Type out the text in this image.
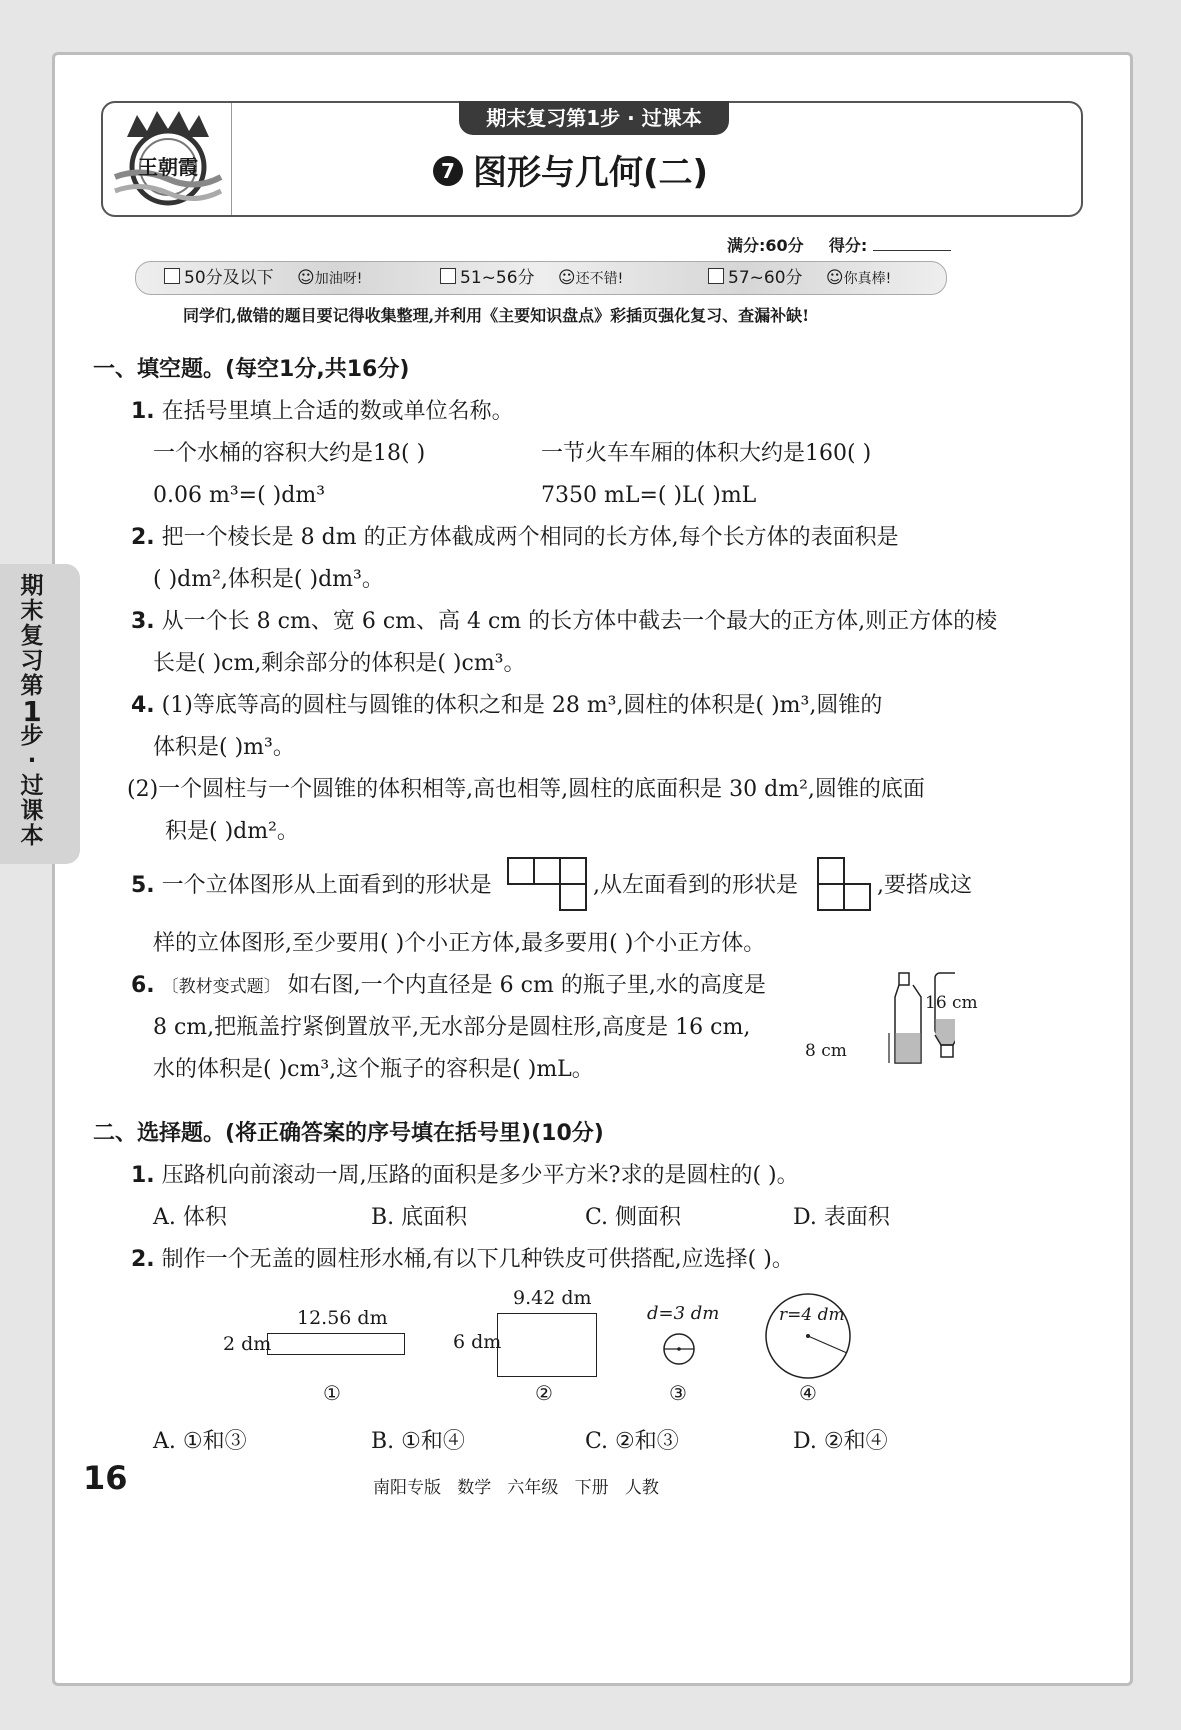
王朝霞
期末复习第1步 · 过课本
7 图形与几何(二)
满分:60分 得分:
50分及以下 ☺加油呀!	51~56分 ☺还不错!	57~60分 ☺你真棒!
同学们,做错的题目要记得收集整理,并利用《主要知识盘点》彩插页强化复习、查漏补缺!
一、填空题。(每空1分,共16分)
1. 在括号里填上合适的数或单位名称。
一个水桶的容积大约是18( )	一节火车车厢的体积大约是160( )
0.06 m³=( )dm³	7350 mL=( )L( )mL
2. 把一个棱长是 8 dm 的正方体截成两个相同的长方体,每个长方体的表面积是
( )dm²,体积是( )dm³。
3. 从一个长 8 cm、宽 6 cm、高 4 cm 的长方体中截去一个最大的正方体,则正方体的棱
长是( )cm,剩余部分的体积是( )cm³。
4. (1)等底等高的圆柱与圆锥的体积之和是 28 m³,圆柱的体积是( )m³,圆锥的
体积是( )m³。
(2)一个圆柱与一个圆锥的体积相等,高也相等,圆柱的底面积是 30 dm²,圆锥的底面
积是( )dm²。
5. 一个立体图形从上面看到的形状是	,从左面看到的形状是	,要搭成这
样的立体图形,至少要用( )个小正方体,最多要用( )个小正方体。
6. 〔教材变式题〕 如右图,一个内直径是 6 cm 的瓶子里,水的高度是
8 cm,把瓶盖拧紧倒置放平,无水部分是圆柱形,高度是 16 cm,
水的体积是( )cm³,这个瓶子的容积是( )mL。
16 cm
8 cm
二、选择题。(将正确答案的序号填在括号里)(10分)
1. 压路机向前滚动一周,压路的面积是多少平方米?求的是圆柱的( )。
A. 体积	B. 底面积	C. 侧面积	D. 表面积
2. 制作一个无盖的圆柱形水桶,有以下几种铁皮可供搭配,应选择( )。
12.56 dm
2 dm
①
9.42 dm
6 dm
②
d=3 dm
③
r=4 dm
④
A. ①和③	B. ①和④	C. ②和③	D. ②和④
16	南阳专版   数学   六年级   下册   人教
期
末
复
习
第
1
步
·
过
课
本
